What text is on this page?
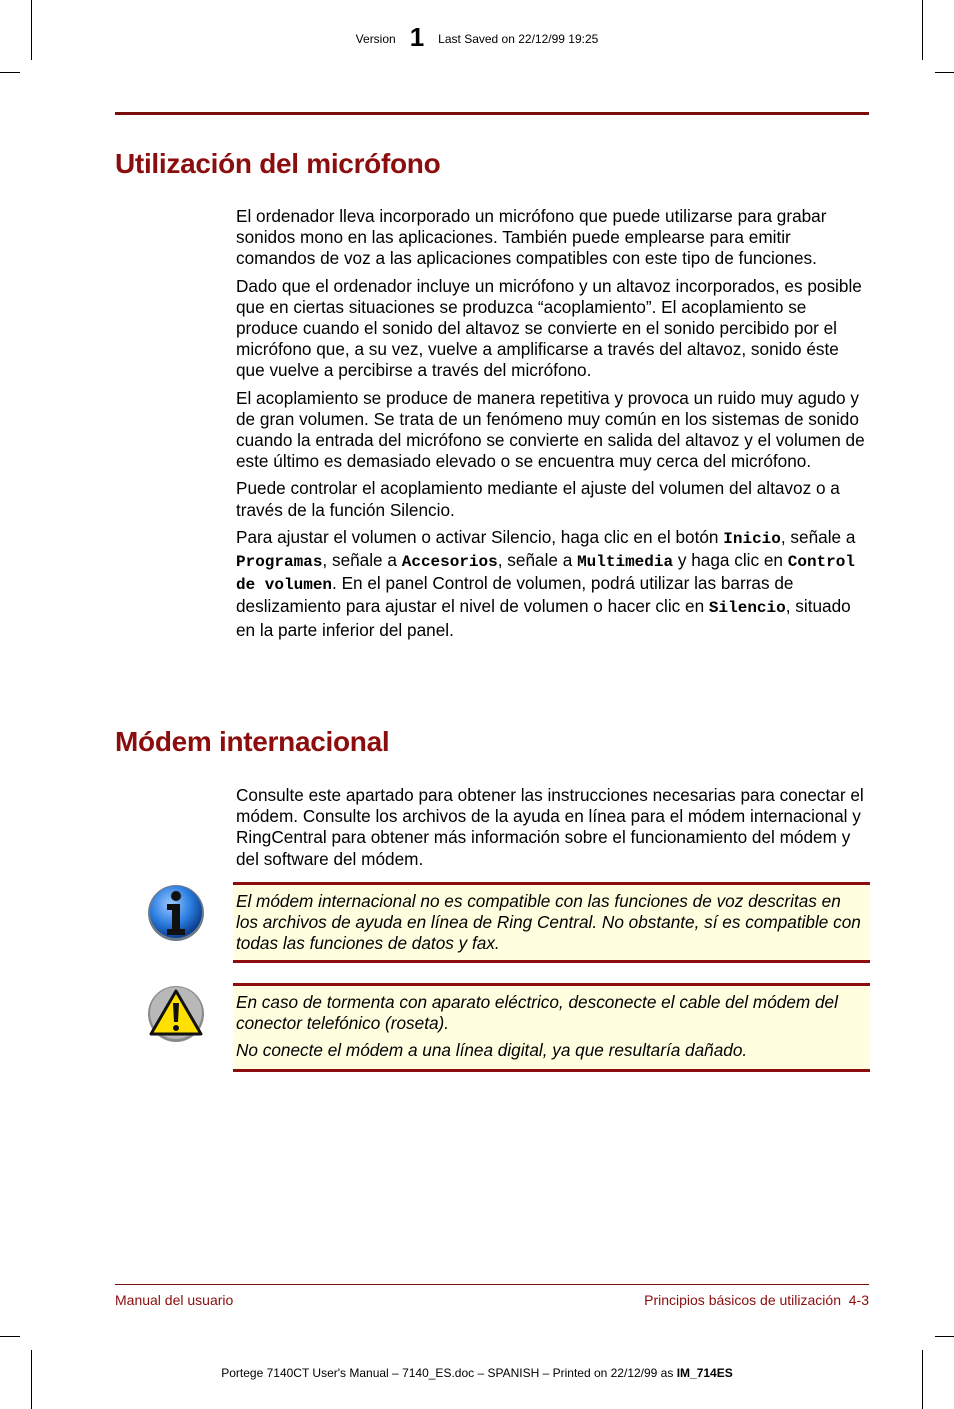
Version 1 Last Saved on 22/12/99 19:25
Utilización del micrófono

El ordenador lleva incorporado un micrófono que puede utilizarse para grabar sonidos mono en las aplicaciones. También puede emplearse para emitir comandos de voz a las aplicaciones compatibles con este tipo de funciones.

Dado que el ordenador incluye un micrófono y un altavoz incorporados, es posible que en ciertas situaciones se produzca “acoplamiento”. El acoplamiento se produce cuando el sonido del altavoz se convierte en el sonido percibido por el micrófono que, a su vez, vuelve a amplificarse a través del altavoz, sonido éste que vuelve a percibirse a través del micrófono.

El acoplamiento se produce de manera repetitiva y provoca un ruido muy agudo y de gran volumen. Se trata de un fenómeno muy común en los sistemas de sonido cuando la entrada del micrófono se convierte en salida del altavoz y el volumen de este último es demasiado elevado o se encuentra muy cerca del micrófono.

Puede controlar el acoplamiento mediante el ajuste del volumen del altavoz o a través de la función Silencio.

Para ajustar el volumen o activar Silencio, haga clic en el botón Inicio, señale a Programas, señale a Accesorios, señale a Multimedia y haga clic en Control de volumen. En el panel Control de volumen, podrá utilizar las barras de deslizamiento para ajustar el nivel de volumen o hacer clic en Silencio, situado en la parte inferior del panel.

Módem internacional

Consulte este apartado para obtener las instrucciones necesarias para conectar el módem. Consulte los archivos de la ayuda en línea para el módem internacional y RingCentral para obtener más información sobre el funcionamiento del módem y del software del módem.

El módem internacional no es compatible con las funciones de voz descritas en los archivos de ayuda en línea de Ring Central. No obstante, sí es compatible con todas las funciones de datos y fax.

En caso de tormenta con aparato eléctrico, desconecte el cable del módem del conector telefónico (roseta).

No conecte el módem a una línea digital, ya que resultaría dañado.

Manual del usuario	Principios básicos de utilización  4-3
Portege 7140CT User's Manual – 7140_ES.doc – SPANISH – Printed on 22/12/99 as IM_714ES
